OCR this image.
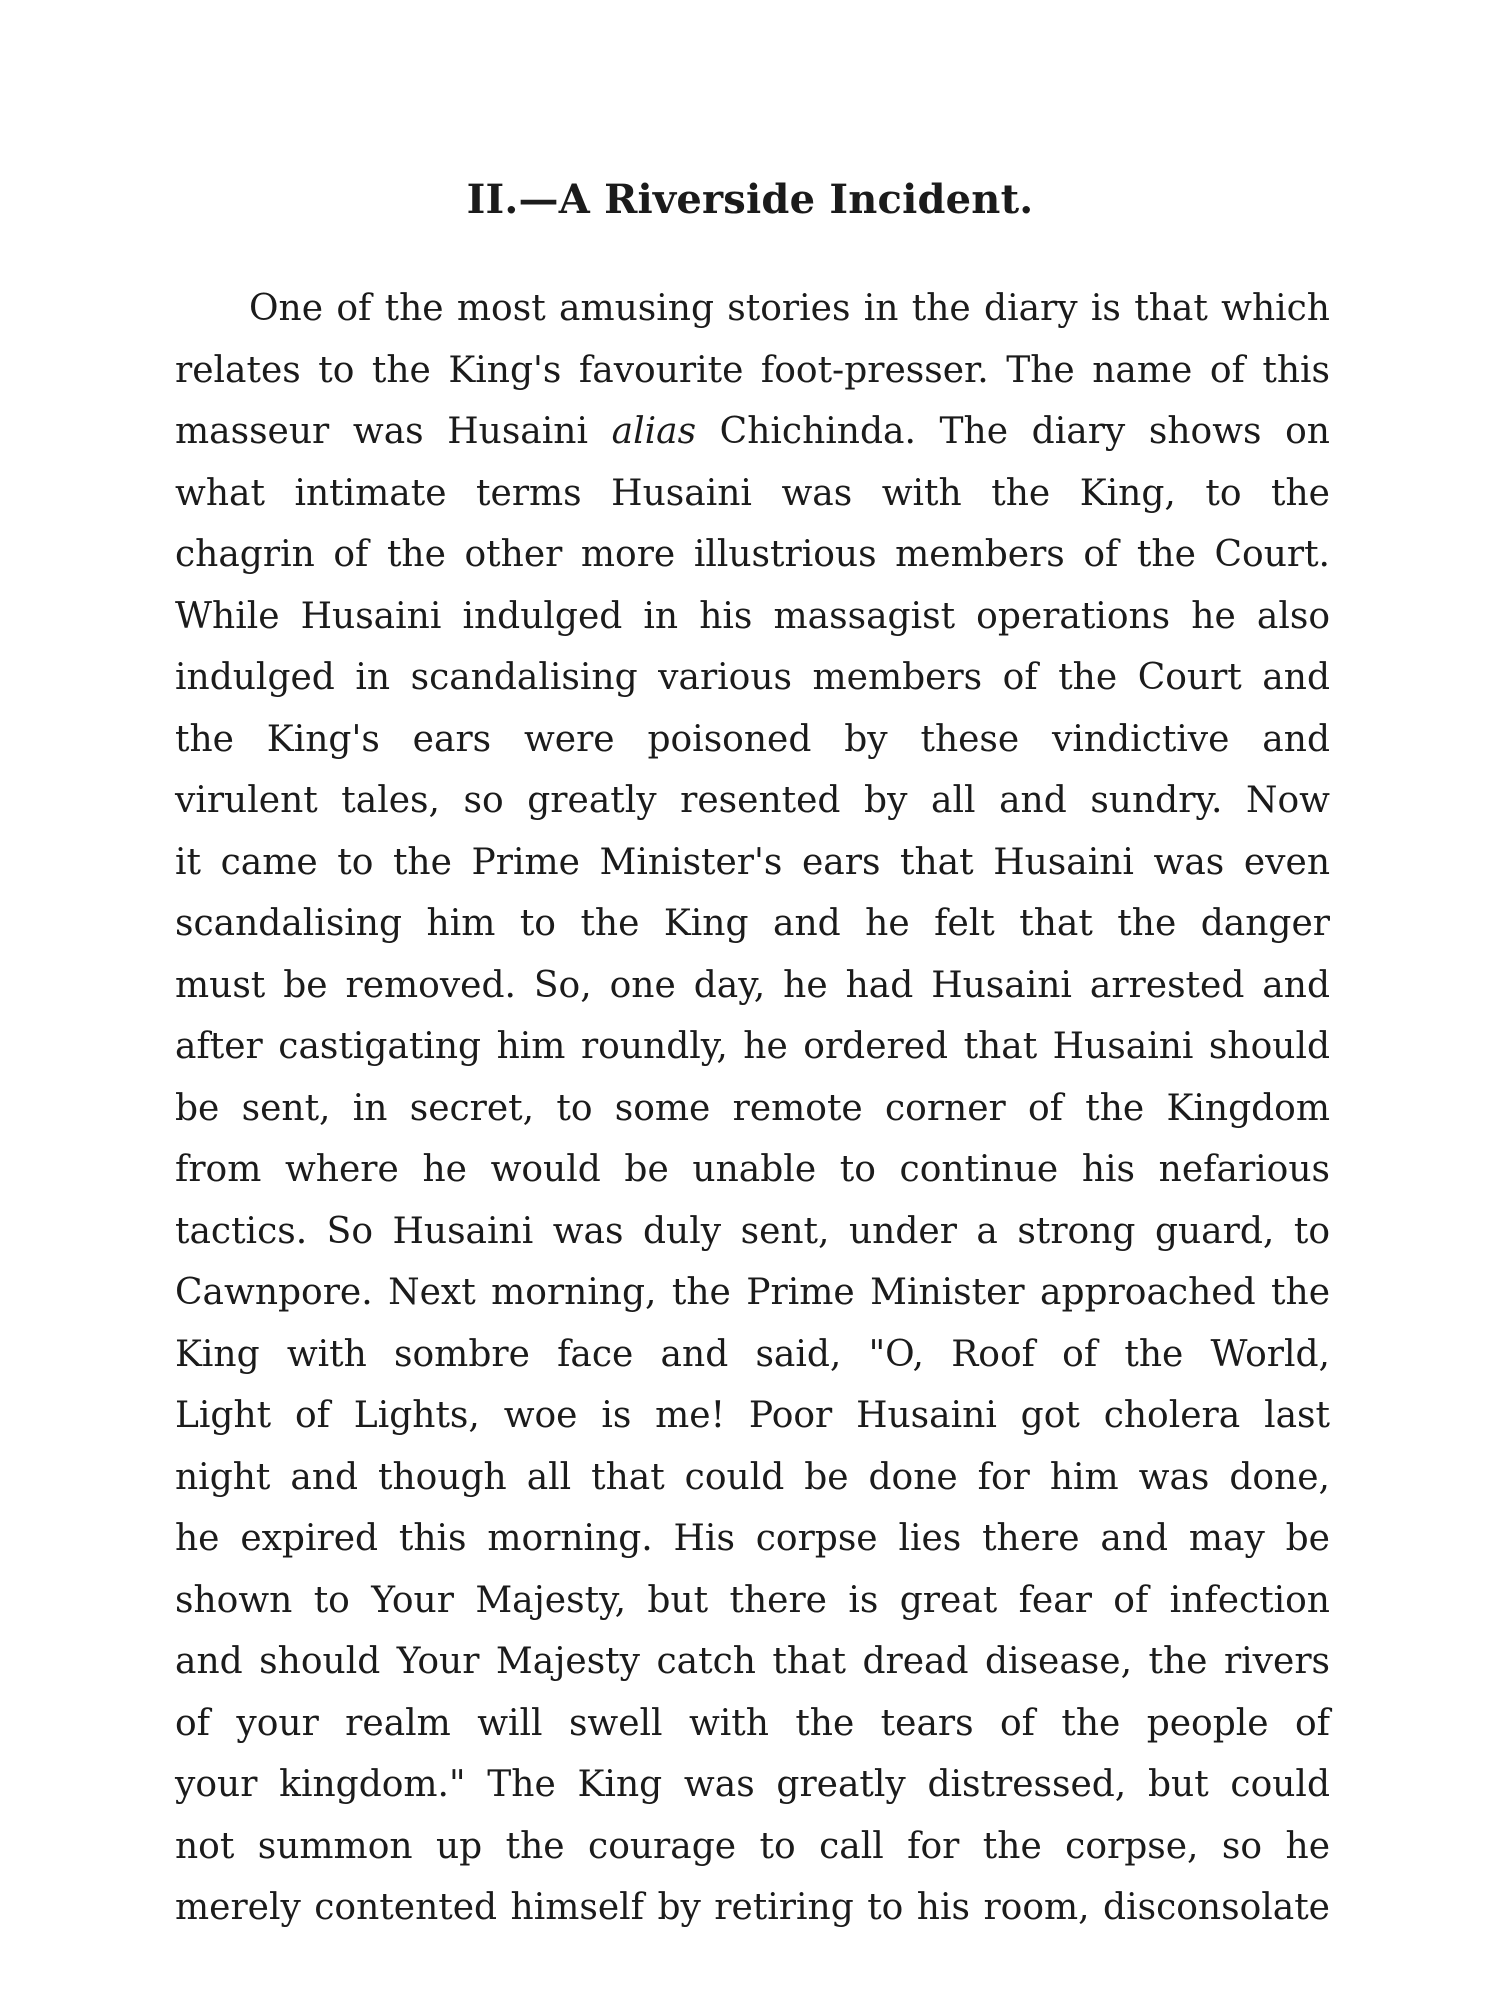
II.—A Riverside Incident.
One of the most amusing stories in the diary is that which
relates to the King's favourite foot-presser. The name of this
masseur was Husaini alias Chichinda. The diary shows on
what intimate terms Husaini was with the King, to the
chagrin of the other more illustrious members of the Court.
While Husaini indulged in his massagist operations he also
indulged in scandalising various members of the Court and
the King's ears were poisoned by these vindictive and
virulent tales, so greatly resented by all and sundry. Now
it came to the Prime Minister's ears that Husaini was even
scandalising him to the King and he felt that the danger
must be removed. So, one day, he had Husaini arrested and
after castigating him roundly, he ordered that Husaini should
be sent, in secret, to some remote corner of the Kingdom
from where he would be unable to continue his nefarious
tactics. So Husaini was duly sent, under a strong guard, to
Cawnpore. Next morning, the Prime Minister approached the
King with sombre face and said, "O, Roof of the World,
Light of Lights, woe is me! Poor Husaini got cholera last
night and though all that could be done for him was done,
he expired this morning. His corpse lies there and may be
shown to Your Majesty, but there is great fear of infection
and should Your Majesty catch that dread disease, the rivers
of your realm will swell with the tears of the people of
your kingdom." The King was greatly distressed, but could
not summon up the courage to call for the corpse, so he
merely contented himself by retiring to his room, disconsolate
